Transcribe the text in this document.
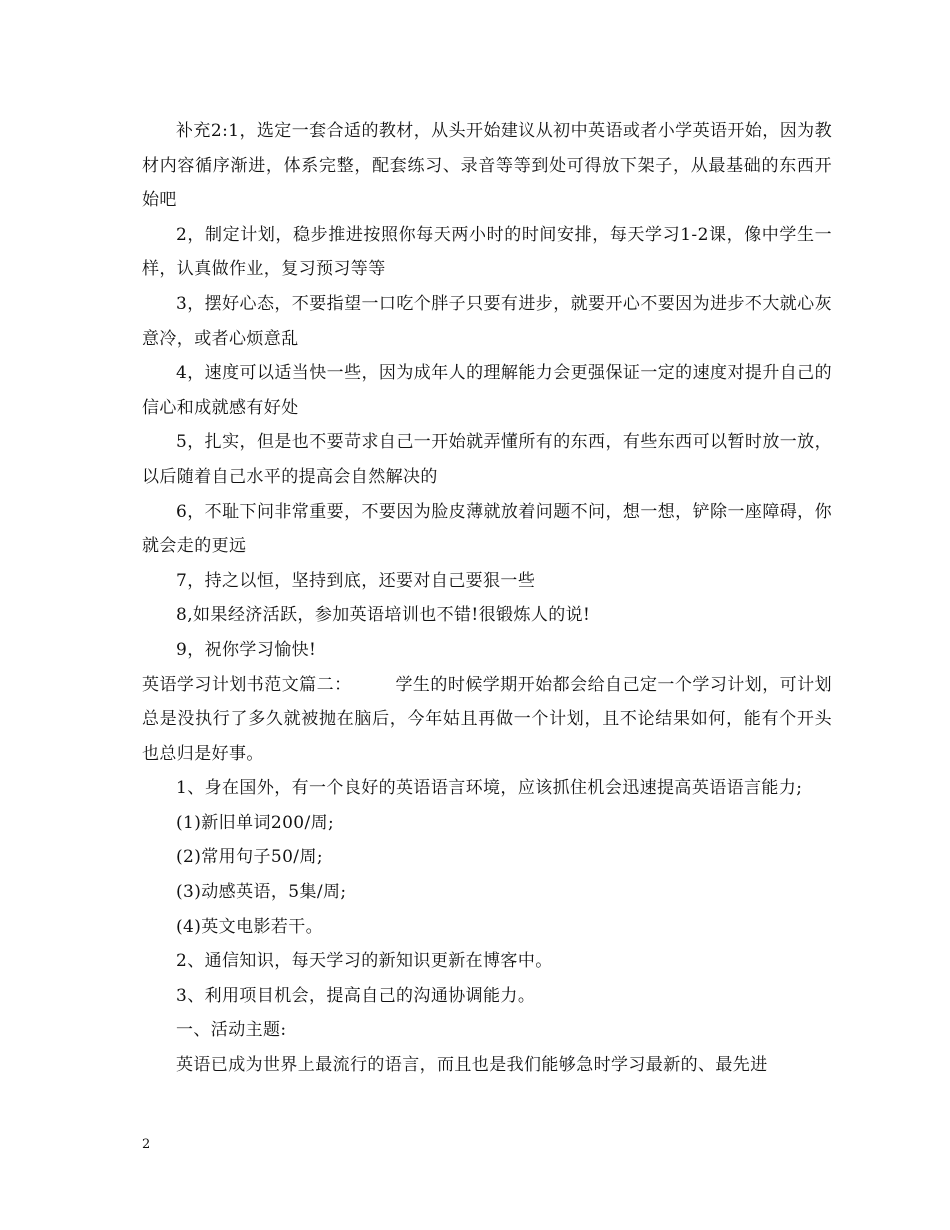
补充2:1，选定一套合适的教材，从头开始建议从初中英语或者小学英语开始，因为教材内容循序渐进，体系完整，配套练习、录音等等到处可得放下架子，从最基础的东西开始吧

2，制定计划，稳步推进按照你每天两小时的时间安排，每天学习1-2课，像中学生一样，认真做作业，复习预习等等

3，摆好心态，不要指望一口吃个胖子只要有进步，就要开心不要因为进步不大就心灰意冷，或者心烦意乱

4，速度可以适当快一些，因为成年人的理解能力会更强保证一定的速度对提升自己的信心和成就感有好处

5，扎实，但是也不要苛求自己一开始就弄懂所有的东西，有些东西可以暂时放一放，以后随着自己水平的提高会自然解决的

6，不耻下问非常重要，不要因为脸皮薄就放着问题不问，想一想，铲除一座障碍，你就会走的更远

7，持之以恒，坚持到底，还要对自己要狠一些

8,如果经济活跃，参加英语培训也不错!很锻炼人的说!

9，祝你学习愉快!

英语学习计划书范文篇二：　　　学生的时候学期开始都会给自己定一个学习计划，可计划总是没执行了多久就被抛在脑后，今年姑且再做一个计划，且不论结果如何，能有个开头也总归是好事。

1、身在国外，有一个良好的英语语言环境，应该抓住机会迅速提高英语语言能力;

(1)新旧单词200/周;

(2)常用句子50/周;

(3)动感英语，5集/周;

(4)英文电影若干。

2、通信知识，每天学习的新知识更新在博客中。

3、利用项目机会，提高自己的沟通协调能力。

一、活动主题:

英语已成为世界上最流行的语言，而且也是我们能够急时学习最新的、最先进

2
